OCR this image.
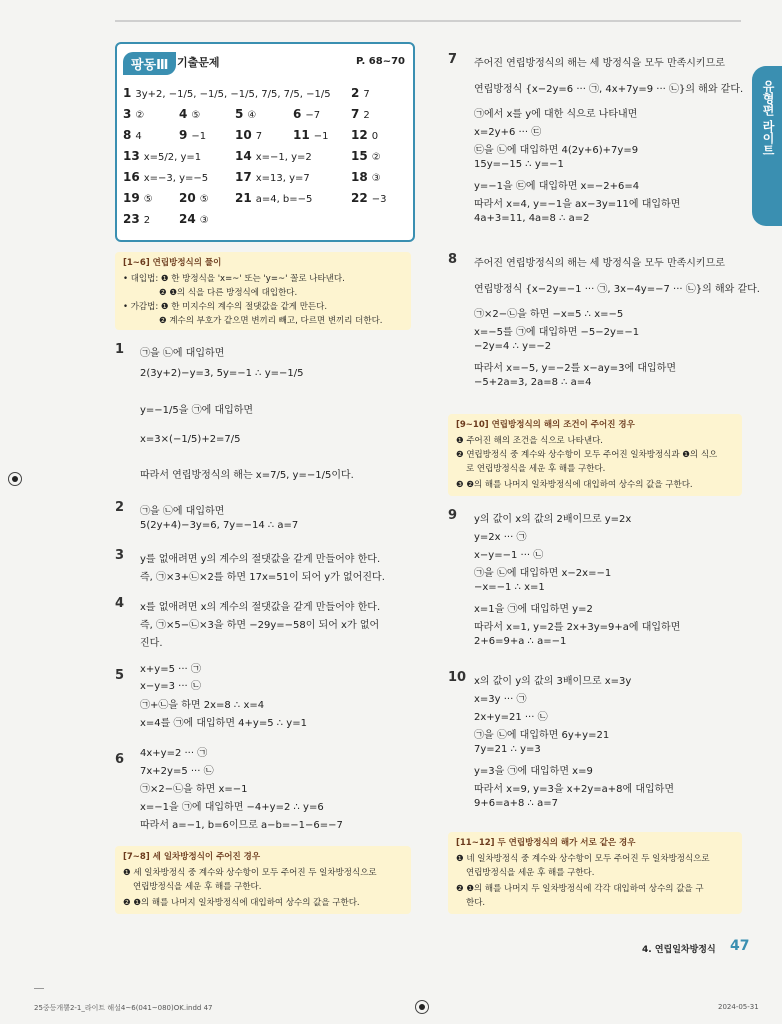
유형편 라이트
팡동Ⅲ 기출문제	P. 68~70
1 3y+2, −1/5, −1/5, −1/5, 7/5, 7/5, −1/5 2 7
3 ②	4 ⑤	5 ④	6 −7	7 2
8 4	9 −1 10 7	11 −1 12 0
13 x=5/2, y=1	14 x=−1, y=2	15 ②
16 x=−3, y=−5 17 x=13, y=7	18 ③
19 ⑤ 20 ⑤ 21 a=4, b=−5	22 −3
23 2 24 ③
[1~6] 연립방정식의 풀이
• 대입법: ❶ 한 방정식을 'x=~' 또는 'y=~' 꼴로 나타낸다.
❷ ❶의 식을 다른 방정식에 대입한다.
• 가감법: ❶ 한 미지수의 계수의 절댓값을 같게 만든다.
❷ 계수의 부호가 같으면 변끼리 빼고, 다르면 변끼리 더한다.
1 ㉠을 ㉡에 대입하면
2(3y+2)−y=3, 5y=−1 ∴ y=−1/5
y=−1/5을 ㉠에 대입하면
x=3×(−1/5)+2=7/5
따라서 연립방정식의 해는 x=7/5, y=−1/5이다.
2 ㉠을 ㉡에 대입하면
5(2y+4)−3y=6, 7y=−14 ∴ a=7
3 y를 없애려면 y의 계수의 절댓값을 같게 만들어야 한다.
즉, ㉠×3+㉡×2를 하면 17x=51이 되어 y가 없어진다.
4 x를 없애려면 x의 계수의 절댓값을 같게 만들어야 한다.
즉, ㉠×5−㉡×3을 하면 −29y=−58이 되어 x가 없어
진다.
5 x+y=5 ··· ㉠
x−y=3 ··· ㉡
㉠+㉡을 하면 2x=8 ∴ x=4
x=4를 ㉠에 대입하면 4+y=5 ∴ y=1
6 4x+y=2 ··· ㉠
7x+2y=5 ··· ㉡
㉠×2−㉡을 하면 x=−1
x=−1을 ㉠에 대입하면 −4+y=2 ∴ y=6
따라서 a=−1, b=6이므로 a−b=−1−6=−7
[7~8] 세 일차방정식이 주어진 경우
❶ 세 일차방정식 중 계수와 상수항이 모두 주어진 두 일차방정식으로
연립방정식을 세운 후 해를 구한다.
❷ ❶의 해를 나머지 일차방정식에 대입하여 상수의 값을 구한다.
7 주어진 연립방정식의 해는 세 방정식을 모두 만족시키므로
연립방정식 {x−2y=6 ··· ㉠, 4x+7y=9 ··· ㉡}의 해와 같다.
㉠에서 x를 y에 대한 식으로 나타내면
x=2y+6 ··· ㉢
㉢을 ㉡에 대입하면 4(2y+6)+7y=9
15y=−15 ∴ y=−1
y=−1을 ㉢에 대입하면 x=−2+6=4
따라서 x=4, y=−1을 ax−3y=11에 대입하면
4a+3=11, 4a=8 ∴ a=2
8 주어진 연립방정식의 해는 세 방정식을 모두 만족시키므로
연립방정식 {x−2y=−1 ··· ㉠, 3x−4y=−7 ··· ㉡}의 해와 같다.
㉠×2−㉡을 하면 −x=5 ∴ x=−5
x=−5를 ㉠에 대입하면 −5−2y=−1
−2y=4 ∴ y=−2
따라서 x=−5, y=−2를 x−ay=3에 대입하면
−5+2a=3, 2a=8 ∴ a=4
[9~10] 연립방정식의 해의 조건이 주어진 경우
❶ 주어진 해의 조건을 식으로 나타낸다.
❷ 연립방정식 중 계수와 상수항이 모두 주어진 일차방정식과 ❶의 식으
로 연립방정식을 세운 후 해를 구한다.
❸ ❷의 해를 나머지 일차방정식에 대입하여 상수의 값을 구한다.
9 y의 값이 x의 값의 2배이므로 y=2x
y=2x ··· ㉠
x−y=−1 ··· ㉡
㉠을 ㉡에 대입하면 x−2x=−1
−x=−1 ∴ x=1
x=1을 ㉠에 대입하면 y=2
따라서 x=1, y=2를 2x+3y=9+a에 대입하면
2+6=9+a ∴ a=−1
10 x의 값이 y의 값의 3배이므로 x=3y
x=3y ··· ㉠
2x+y=21 ··· ㉡
㉠을 ㉡에 대입하면 6y+y=21
7y=21 ∴ y=3
y=3을 ㉠에 대입하면 x=9
따라서 x=9, y=3을 x+2y=a+8에 대입하면
9+6=a+8 ∴ a=7
[11~12] 두 연립방정식의 해가 서로 같은 경우
❶ 네 일차방정식 중 계수와 상수항이 모두 주어진 두 일차방정식으로
연립방정식을 세운 후 해를 구한다.
❷ ❶의 해를 나머지 두 일차방정식에 각각 대입하여 상수의 값을 구
한다.
4. 연립일차방정식 47
25중등개뿔2-1_라이트 해설4~6(041~080)OK.indd 47	2024-05-31
